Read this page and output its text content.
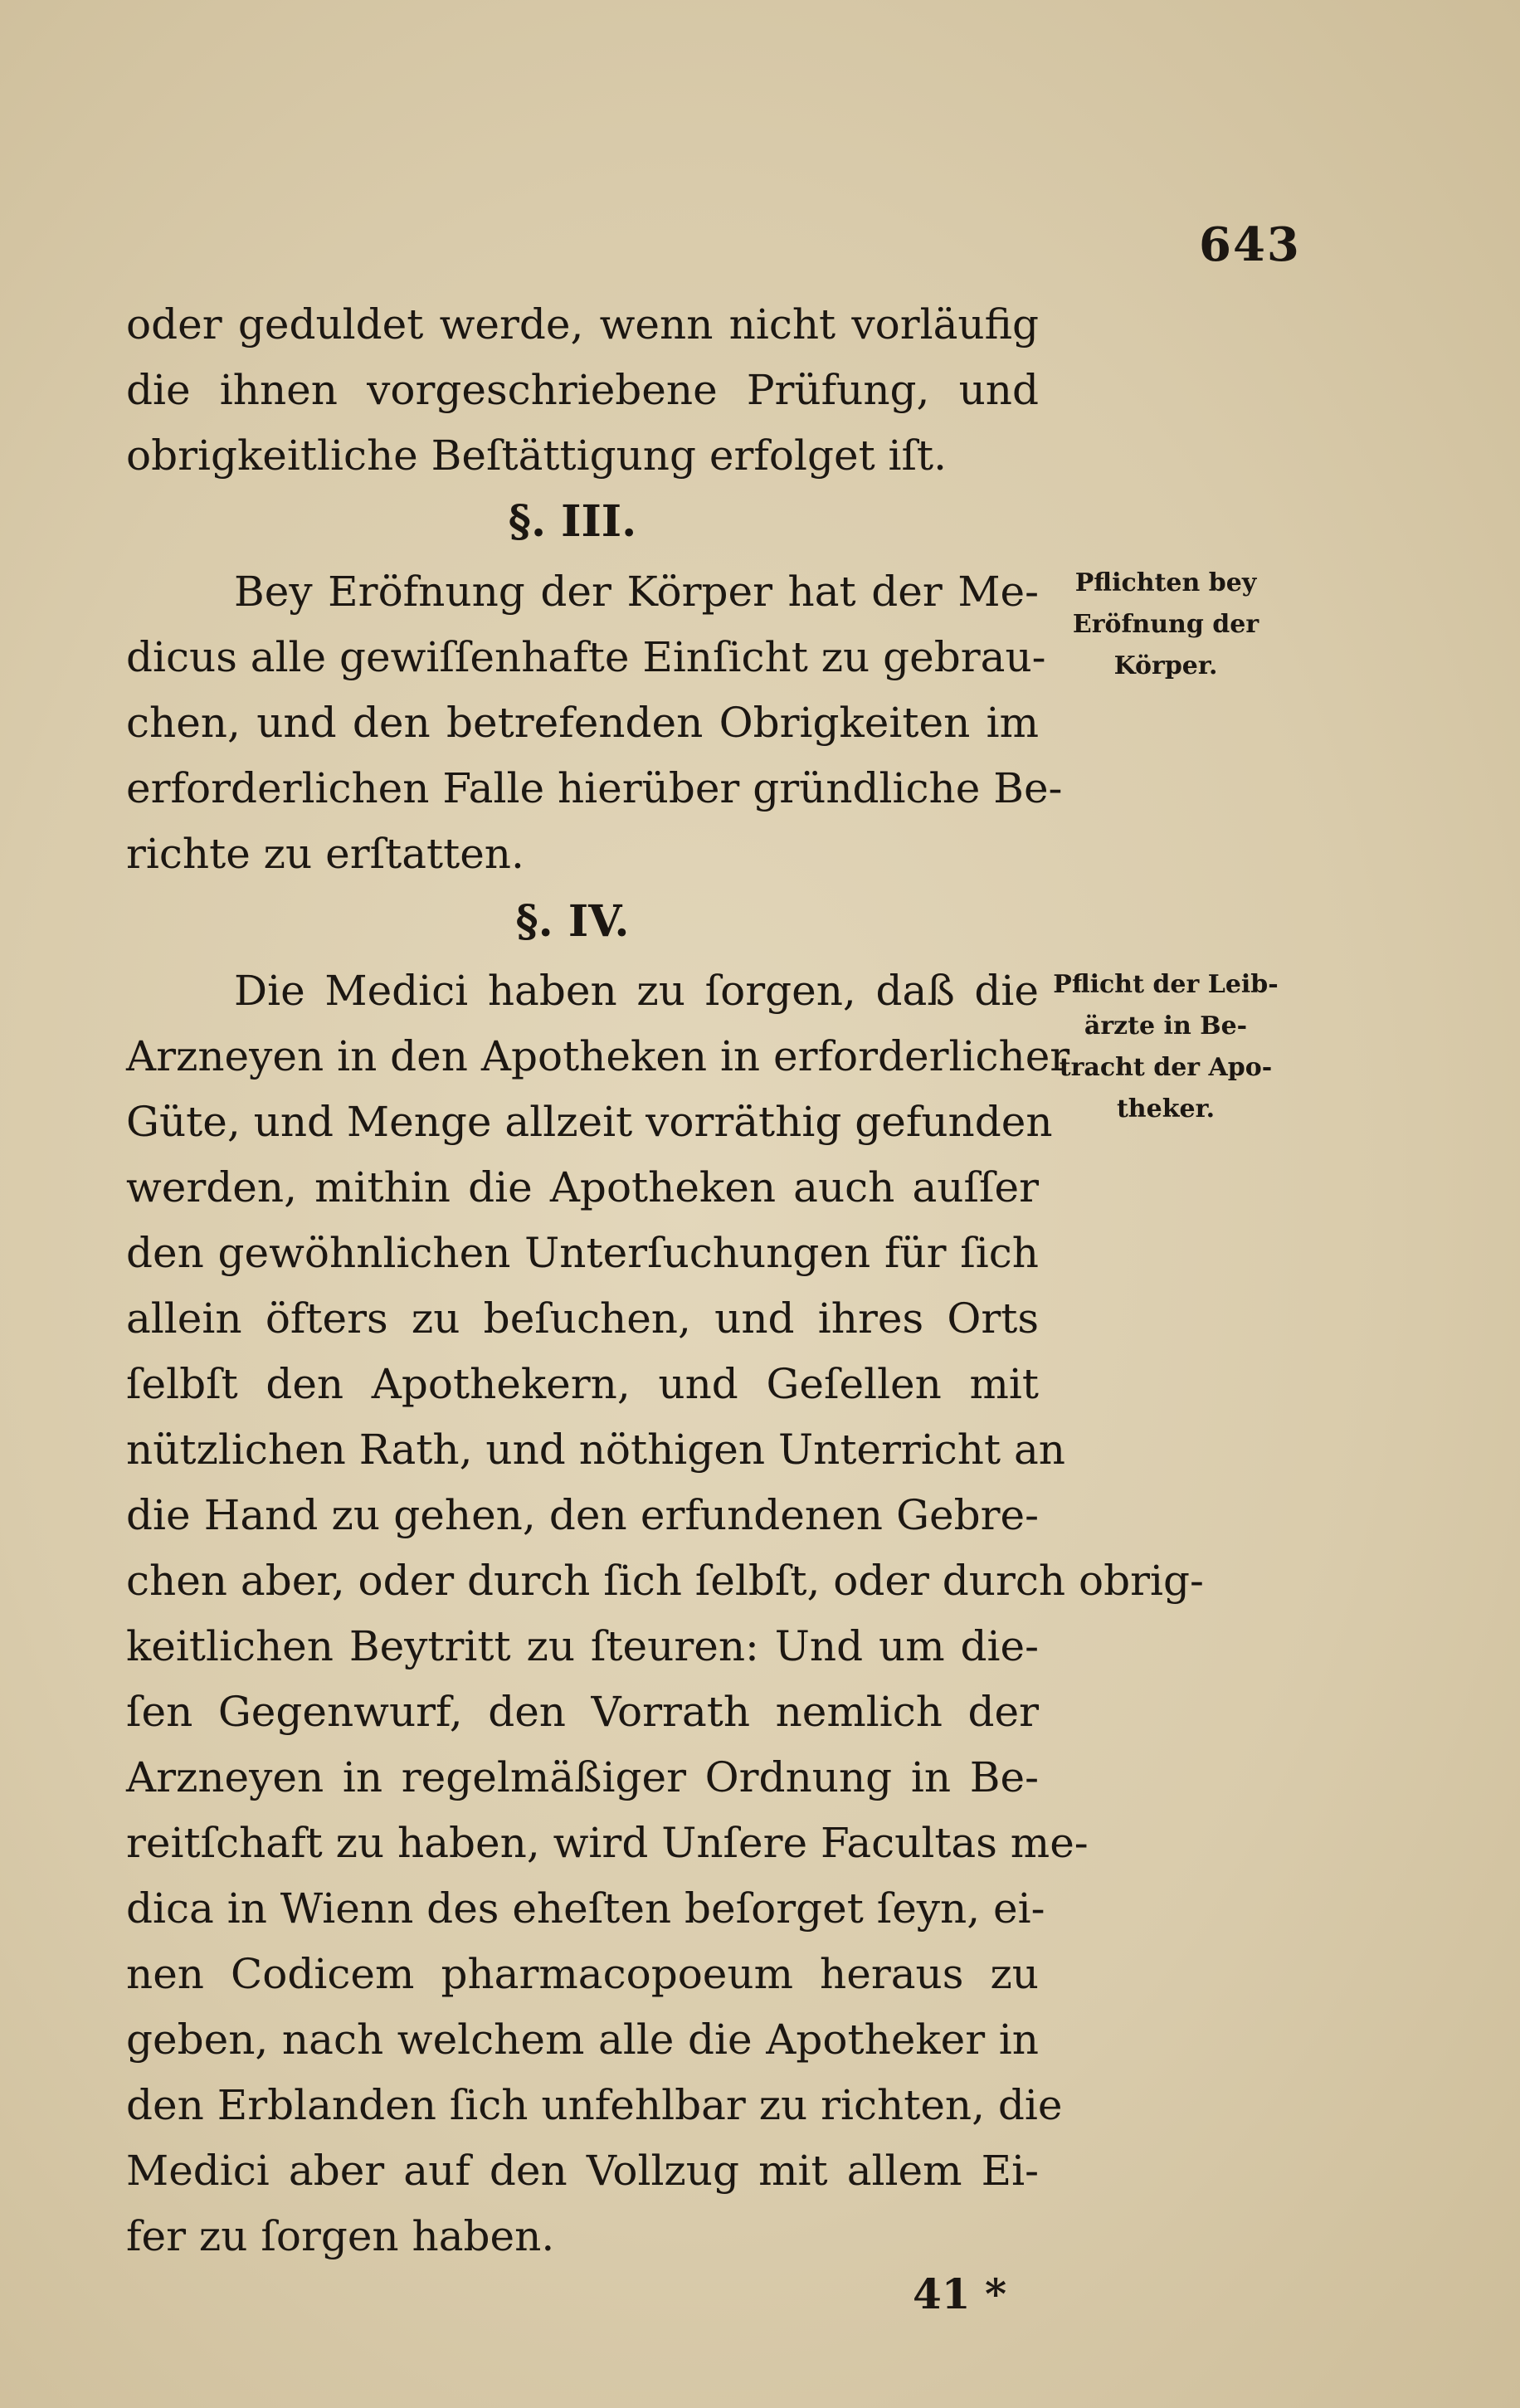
643
oder geduldet werde, wenn nicht vorläufig
die ihnen vorgeschriebene Prüfung, und
obrigkeitliche Beſtättigung erfolget iſt.
§. III.
Bey Eröfnung der Körper hat der Me-
dicus alle gewiſſenhafte Einſicht zu gebrau-
chen, und den betrefenden Obrigkeiten im
erforderlichen Falle hierüber gründliche Be-
richte zu erſtatten.
Pflichten bey
Eröfnung der
Körper.
§. IV.
Die Medici haben zu ſorgen, daß die
Arzneyen in den Apotheken in erforderlicher
Güte, und Menge allzeit vorräthig gefunden
werden, mithin die Apotheken auch auſſer
den gewöhnlichen Unterſuchungen für ſich
allein öfters zu beſuchen, und ihres Orts
ſelbſt den Apothekern, und Geſellen mit
nützlichen Rath, und nöthigen Unterricht an
die Hand zu gehen, den erfundenen Gebre-
chen aber, oder durch ſich ſelbſt, oder durch obrig-
keitlichen Beytritt zu ſteuren: Und um die-
ſen Gegenwurf, den Vorrath nemlich der
Arzneyen in regelmäßiger Ordnung in Be-
reitſchaft zu haben, wird Unſere Facultas me-
dica in Wienn des eheſten beſorget ſeyn, ei-
nen Codicem pharmacopoeum heraus zu
geben, nach welchem alle die Apotheker in
den Erblanden ſich unfehlbar zu richten, die
Medici aber auf den Vollzug mit allem Ei-
fer zu ſorgen haben.
Pflicht der Leib-
ärzte in Be-
tracht der Apo-
theker.
41 *
